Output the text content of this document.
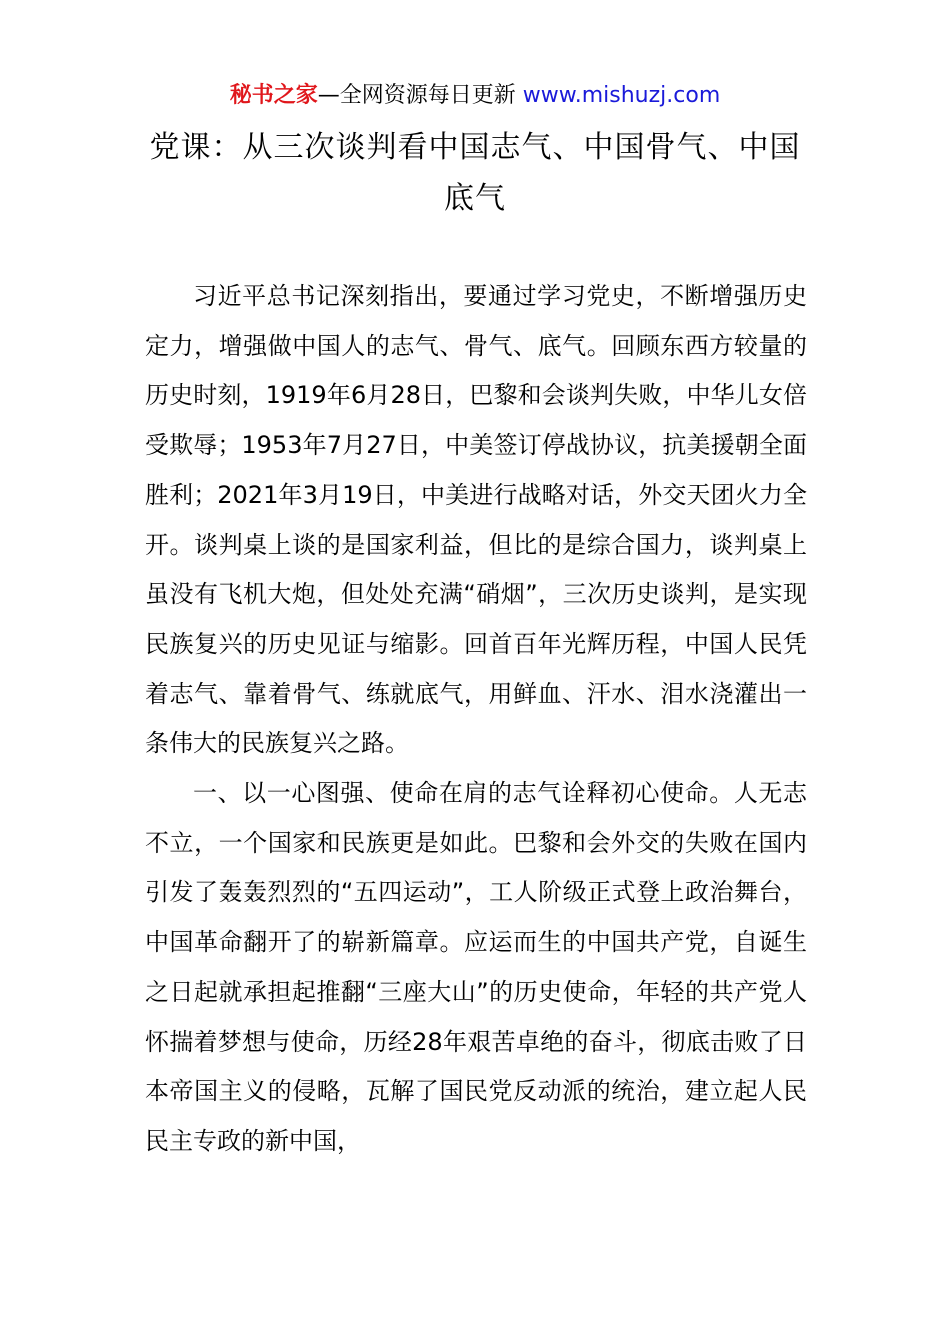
秘书之家—全网资源每日更新 www.mishuzj.com
党课：从三次谈判看中国志气、中国骨气、中国底气

习近平总书记深刻指出，要通过学习党史，不断增强历史定力，增强做中国人的志气、骨气、底气。回顾东西方较量的历史时刻，1919年6月28日，巴黎和会谈判失败，中华儿女倍受欺辱；1953年7月27日，中美签订停战协议，抗美援朝全面胜利；2021年3月19日，中美进行战略对话，外交天团火力全开。谈判桌上谈的是国家利益，但比的是综合国力，谈判桌上虽没有飞机大炮，但处处充满“硝烟”，三次历史谈判，是实现民族复兴的历史见证与缩影。回首百年光辉历程，中国人民凭着志气、靠着骨气、练就底气，用鲜血、汗水、泪水浇灌出一条伟大的民族复兴之路。

一、以一心图强、使命在肩的志气诠释初心使命。人无志不立，一个国家和民族更是如此。巴黎和会外交的失败在国内引发了轰轰烈烈的“五四运动”，工人阶级正式登上政治舞台，中国革命翻开了的崭新篇章。应运而生的中国共产党，自诞生之日起就承担起推翻“三座大山”的历史使命，年轻的共产党人怀揣着梦想与使命，历经28年艰苦卓绝的奋斗，彻底击败了日本帝国主义的侵略，瓦解了国民党反动派的统治，建立起人民民主专政的新中国，
